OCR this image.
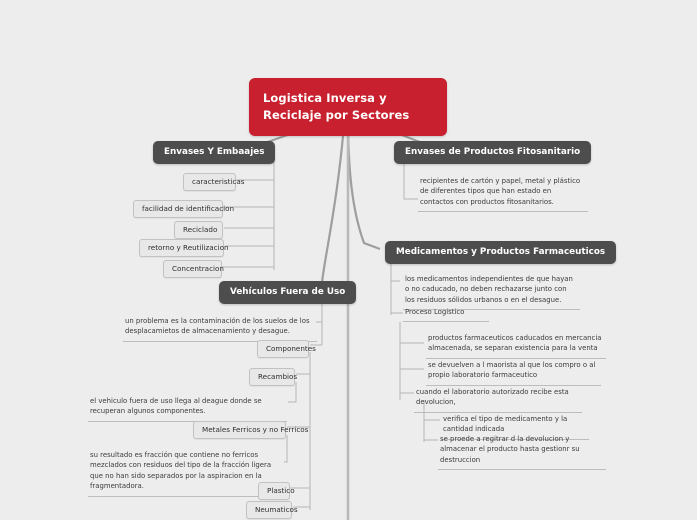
Logistica Inversa y Reciclaje por Sectores
Envases Y Embaajes
caracteristicas
facilidad de identificacion
Reciclado
retorno y Reutilizacion
Concentracion
Envases de Productos Fitosanitario
recipientes de cartón y papel, metal y plástico de diferentes tipos que han estado en contactos con productos fitosanitarios.
Medicamentos y Productos Farmaceuticos
los medicamentos independientes de que hayan o no caducado, no deben rechazarse junto con los residuos sólidos urbanos o en el desague.
Proceso Logistico
productos farmaceuticos caducados en mercancia almacenada, se separan existencia para la venta
se devuelven a l maorista al que los compro o al propio laboratorio farmaceutico
cuando el laboratorio autorizado recibe esta devolucion,
verifica el tipo de medicamento y la cantidad indicada
se proede a regitrar d la devolucion y almacenar el producto hasta gestionr su destruccion
Vehículos Fuera de Uso
un problema es la contaminación de los suelos de los desplacamietos de almacenamiento y desague.
Componentes
Recambios
el vehiculo fuera de uso llega al deague donde se recuperan algunos componentes.
Metales Ferricos y no Ferricos
su resultado es fracción que contiene no ferricos mezclados con residuos del tipo de la fracción ligera que no han sido separados por la aspiracion en la fragmentadora.	Plastico
Neumaticos
